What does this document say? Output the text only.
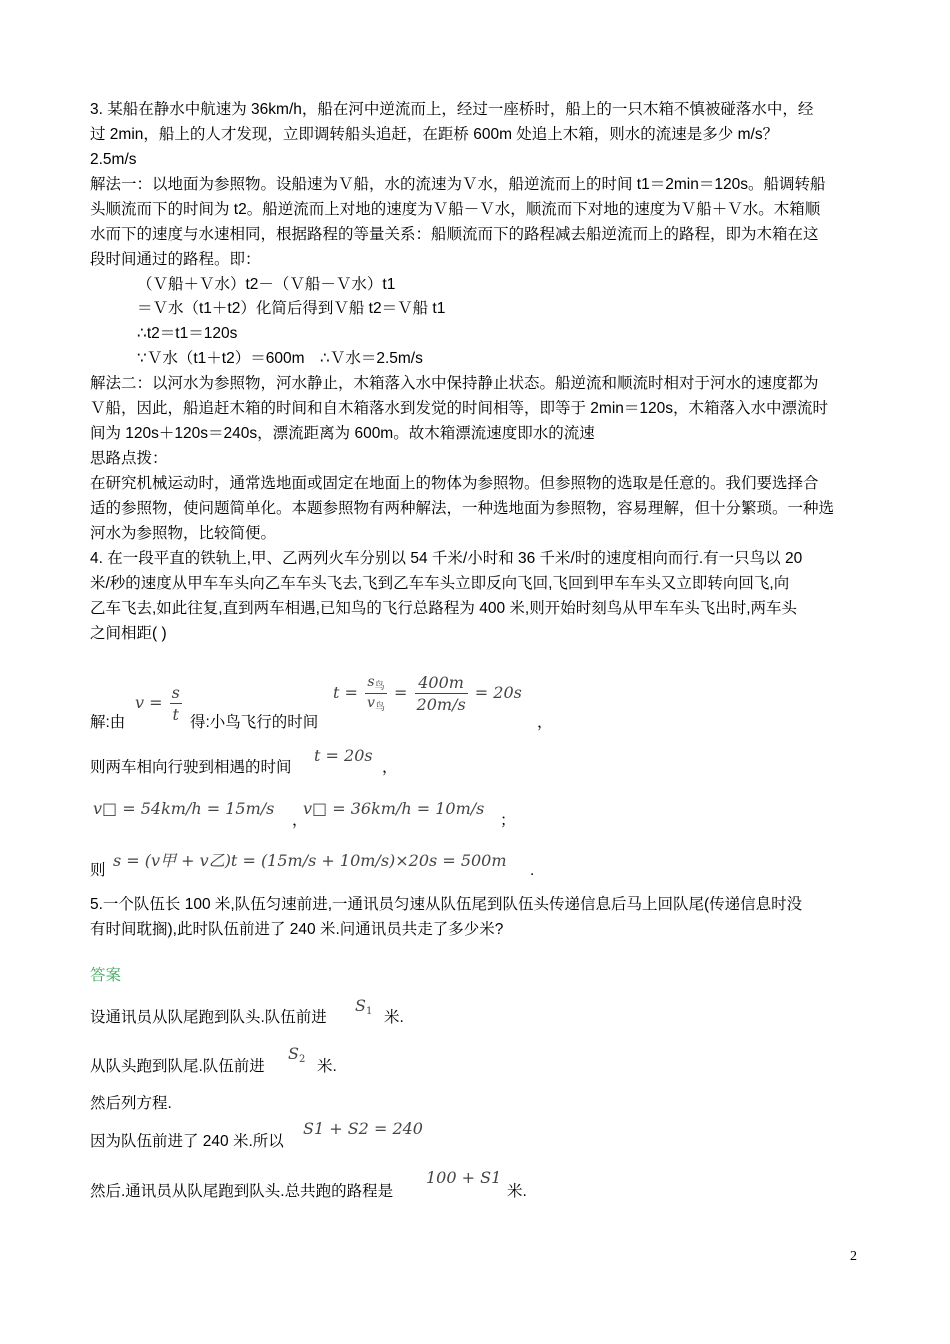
3. 某船在静水中航速为 36km/h，船在河中逆流而上，经过一座桥时，船上的一只木箱不慎被碰落水中，经
过 2min，船上的人才发现，立即调转船头追赶，在距桥 600m 处追上木箱，则水的流速是多少 m/s？
2.5m/s
解法一：以地面为参照物。设船速为Ｖ船，水的流速为Ｖ水，船逆流而上的时间 t1＝2min＝120s。船调转船
头顺流而下的时间为 t2。船逆流而上对地的速度为Ｖ船－Ｖ水，顺流而下对地的速度为Ｖ船＋Ｖ水。木箱顺
水而下的速度与水速相同，根据路程的等量关系：船顺流而下的路程减去船逆流而上的路程，即为木箱在这
段时间通过的路程。即：
（Ｖ船＋Ｖ水）t2－（Ｖ船－Ｖ水）t1
＝Ｖ水（t1＋t2）化简后得到Ｖ船 t2＝Ｖ船 t1
∴t2＝t1＝120s
∵Ｖ水（t1＋t2）＝600m　∴Ｖ水＝2.5m/s
解法二：以河水为参照物，河水静止，木箱落入水中保持静止状态。船逆流和顺流时相对于河水的速度都为
Ｖ船，因此，船追赶木箱的时间和自木箱落水到发觉的时间相等，即等于 2min＝120s，木箱落入水中漂流时
间为 120s＋120s＝240s，漂流距离为 600m。故木箱漂流速度即水的流速
思路点拨：
在研究机械运动时，通常选地面或固定在地面上的物体为参照物。但参照物的选取是任意的。我们要选择合
适的参照物，使问题简单化。本题参照物有两种解法，一种选地面为参照物，容易理解，但十分繁琐。一种选
河水为参照物，比较简便。
4. 在一段平直的铁轨上,甲、乙两列火车分别以 54 千米/小时和 36 千米/时的速度相向而行.有一只鸟以 20
米/秒的速度从甲车车头向乙车车头飞去,飞到乙车车头立即反向飞回,飞回到甲车车头又立即转向回飞,向
乙车飞去,如此往复,直到两车相遇,已知鸟的飞行总路程为 400 米,则开始时刻鸟从甲车车头飞出时,两车头
之间相距( )
解:由
$v = \frac{s}{t}$ 得:小鸟飞行的时间
$t = \frac{s_鸟}{v_鸟} = \frac{400m}{20m/s} = 20s$
，
则两车相向行驶到相遇的时间
t = 20s
，
v□ = 54km/h = 15m/s
，
v□ = 36km/h = 10m/s
；
则
s = (v甲 + v乙)t = (15m/s + 10m/s)×20s = 500m
.
5.一个队伍长 100 米,队伍匀速前进,一通讯员匀速从队伍尾到队伍头传递信息后马上回队尾(传递信息时没
有时间耽搁),此时队伍前进了 240 米.问通讯员共走了多少米?
答案
设通讯员从队尾跑到队头.队伍前进
$S_1$ 米.
从队头跑到队尾.队伍前进
$S_2$ 米.
然后列方程.
因为队伍前进了 240 米.所以
S1 + S2 = 240
然后.通讯员从队尾跑到队头.总共跑的路程是
100 + S1
米.
2
